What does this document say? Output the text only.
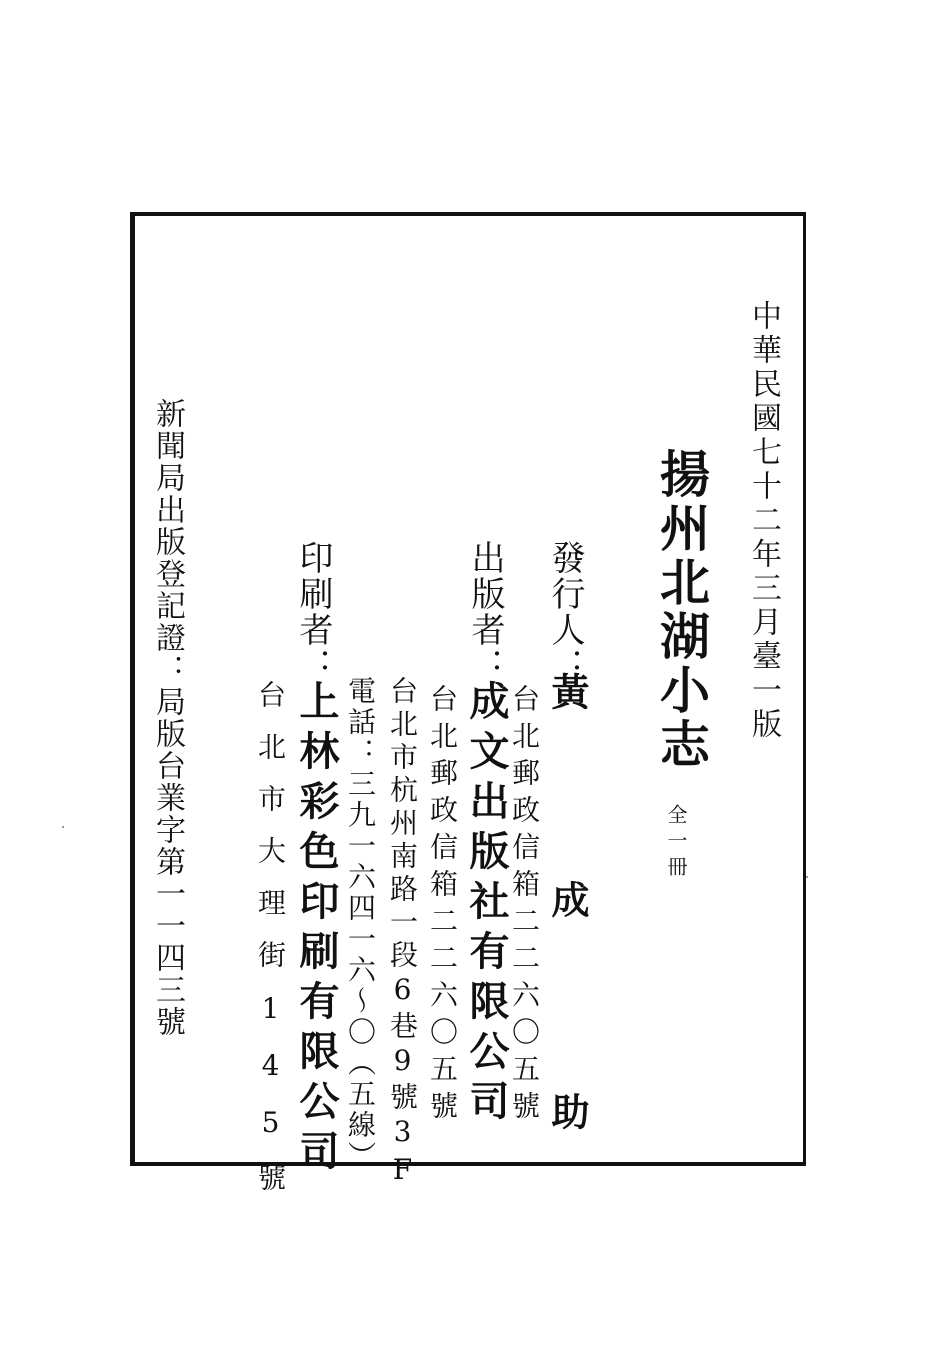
中華民國七十二年三月臺一版
揚州北湖小志
全一冊
發行人：
黃
成
助
台北郵政信箱二二六〇五號
出版者：
成文出版社有限公司
台北郵政信箱二二六〇五號
台北市杭州南路一段6巷9號3F
電話：三九一六四一六〜〇（五線）
印刷者：
上林彩色印刷有限公司
台北市大理街145號
新聞局出版登記證：局版台業字第一一四三號
